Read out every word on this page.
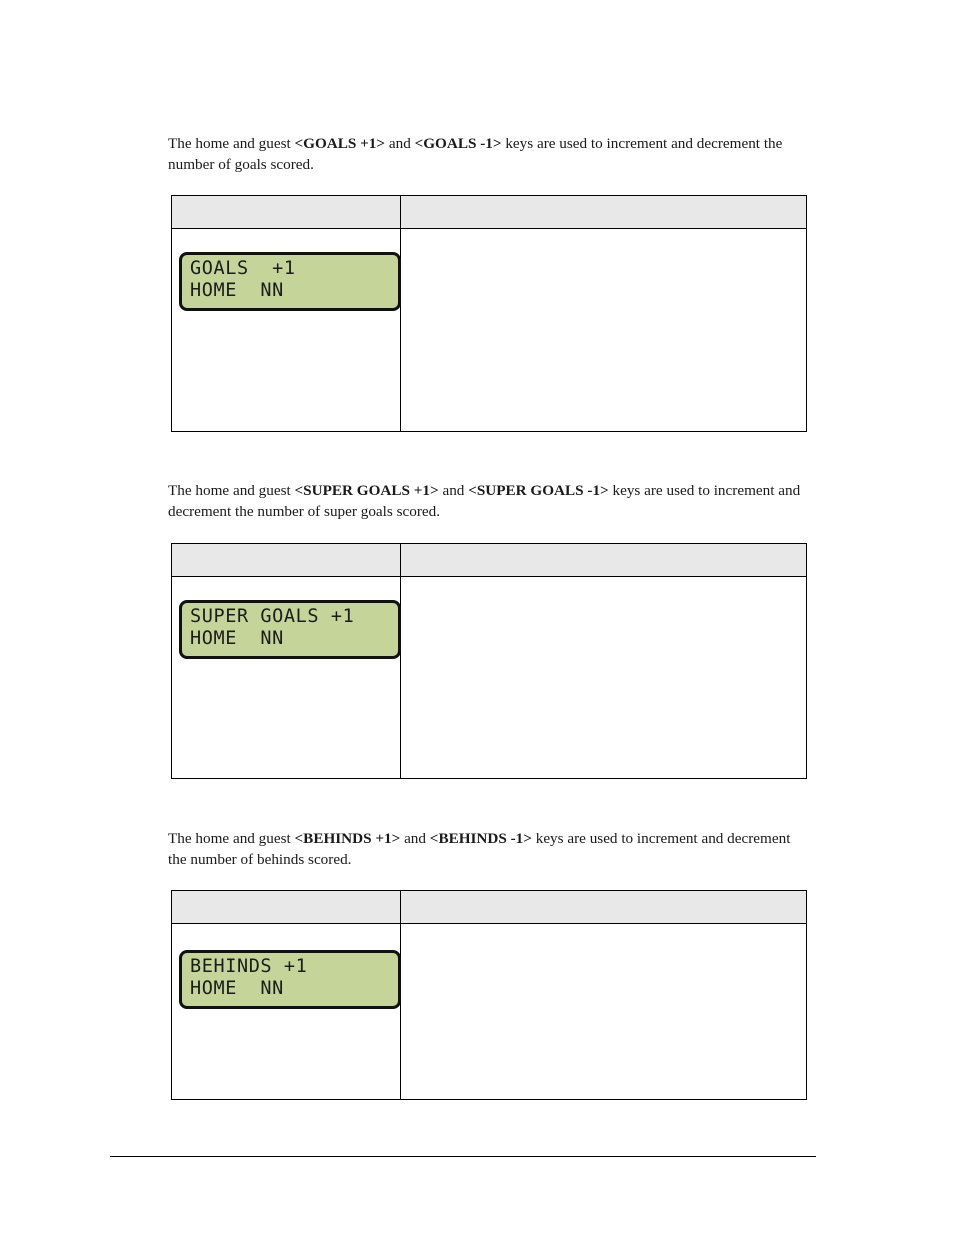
The home and guest <GOALS +1> and <GOALS -1> keys are used to increment and decrement the number of goals scored.

GOALS  +1
HOME  NN

The home and guest <SUPER GOALS +1> and <SUPER GOALS -1> keys are used to increment and decrement the number of super goals scored.

SUPER GOALS +1
HOME  NN

The home and guest <BEHINDS +1> and <BEHINDS -1> keys are used to increment and decrement the number of behinds scored.

BEHINDS +1
HOME  NN
